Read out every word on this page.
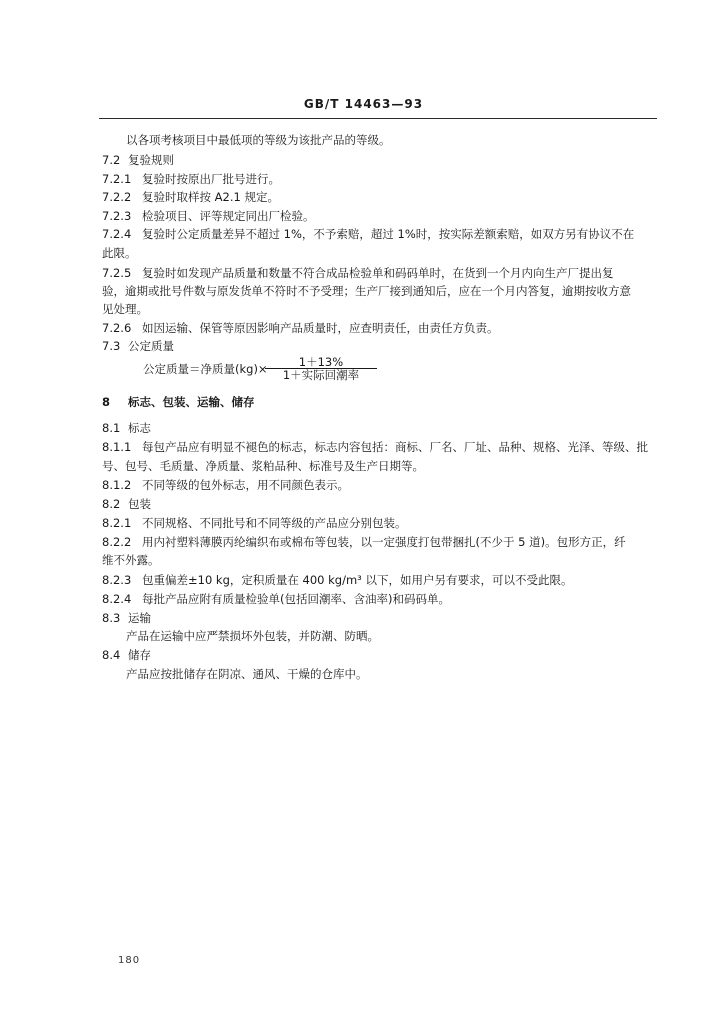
GB/T 14463—93
以各项考核项目中最低项的等级为该批产品的等级。
7.2 复验规则
7.2.1 复验时按原出厂批号进行。
7.2.2 复验时取样按 A2.1 规定。
7.2.3 检验项目、评等规定同出厂检验。
7.2.4 复验时公定质量差异不超过 1%，不予索赔，超过 1%时，按实际差额索赔，如双方另有协议不在
此限。
7.2.5 复验时如发现产品质量和数量不符合成品检验单和码码单时，在货到一个月内向生产厂提出复
验，逾期或批号件数与原发货单不符时不予受理；生产厂接到通知后，应在一个月内答复，逾期按收方意
见处理。
7.2.6 如因运输、保管等原因影响产品质量时，应查明责任，由责任方负责。
7.3 公定质量
公定质量＝净质量(kg)×	1＋13%
1＋实际回潮率
8 标志、包装、运输、储存
8.1 标志
8.1.1 每包产品应有明显不褪色的标志，标志内容包括：商标、厂名、厂址、品种、规格、光泽、等级、批
号、包号、毛质量、净质量、浆粕品种、标准号及生产日期等。
8.1.2 不同等级的包外标志，用不同颜色表示。
8.2 包装
8.2.1 不同规格、不同批号和不同等级的产品应分别包装。
8.2.2 用内衬塑料薄膜丙纶编织布或棉布等包装，以一定强度打包带捆扎(不少于 5 道)。包形方正，纤
维不外露。
8.2.3 包重偏差±10 kg，定积质量在 400 kg/m³ 以下，如用户另有要求，可以不受此限。
8.2.4 每批产品应附有质量检验单(包括回潮率、含油率)和码码单。
8.3 运输
产品在运输中应严禁损坏外包装，并防潮、防晒。
8.4 储存
产品应按批储存在阴凉、通风、干燥的仓库中。
180
